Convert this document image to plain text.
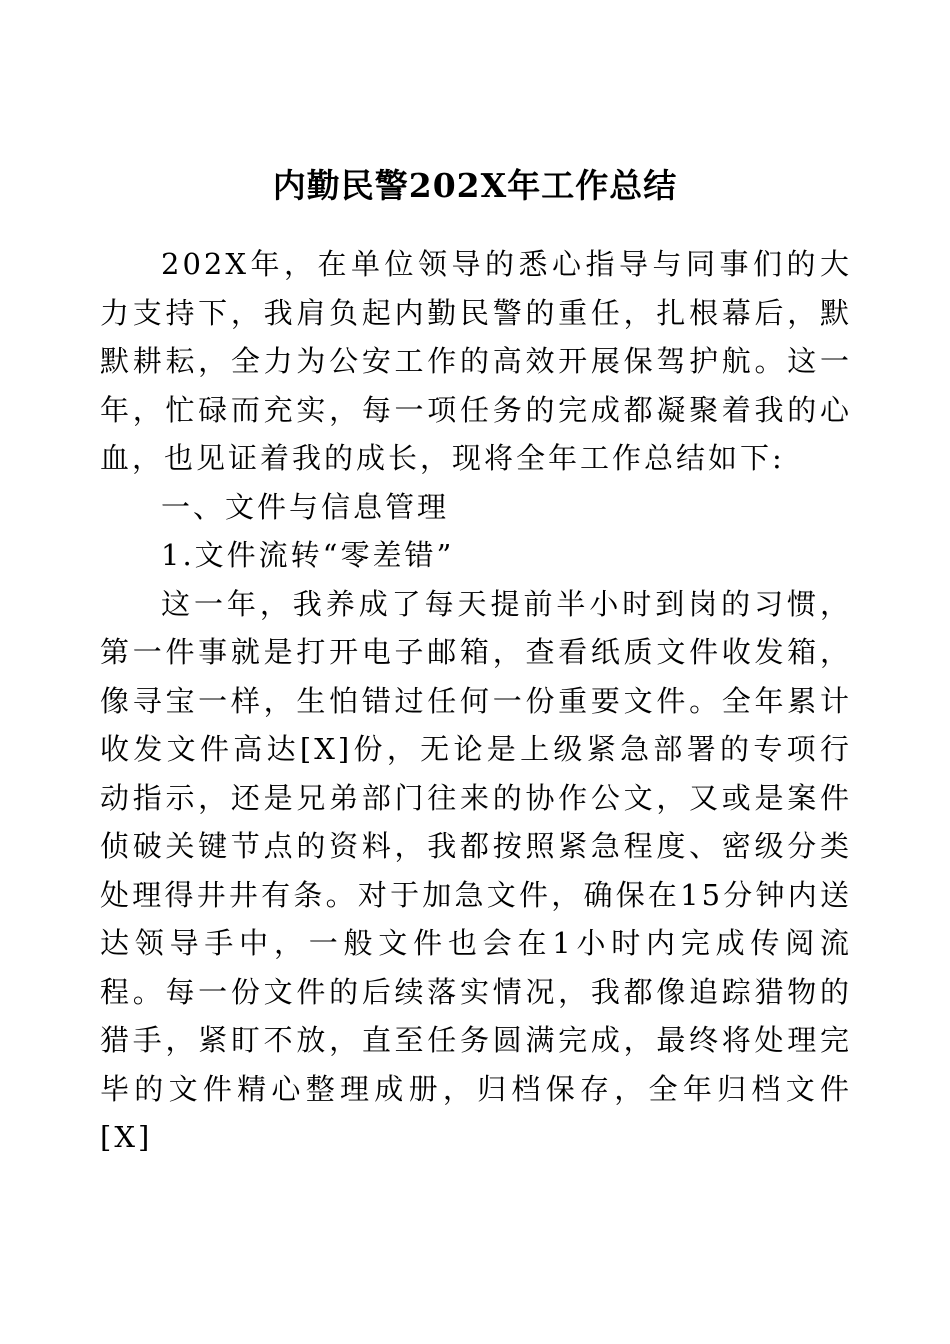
内勤民警202X年工作总结

202X年，在单位领导的悉心指导与同事们的大力支持下，我肩负起内勤民警的重任，扎根幕后，默默耕耘，全力为公安工作的高效开展保驾护航。这一年，忙碌而充实，每一项任务的完成都凝聚着我的心血，也见证着我的成长，现将全年工作总结如下:

一、文件与信息管理

1.文件流转“零差错”

这一年，我养成了每天提前半小时到岗的习惯，第一件事就是打开电子邮箱，查看纸质文件收发箱，像寻宝一样，生怕错过任何一份重要文件。全年累计收发文件高达[X]份，无论是上级紧急部署的专项行动指示，还是兄弟部门往来的协作公文，又或是案件侦破关键节点的资料，我都按照紧急程度、密级分类处理得井井有条。对于加急文件，确保在15分钟内送达领导手中，一般文件也会在1小时内完成传阅流程。每一份文件的后续落实情况，我都像追踪猎物的猎手，紧盯不放，直至任务圆满完成，最终将处理完毕的文件精心整理成册，归档保存，全年归档文件[X]
